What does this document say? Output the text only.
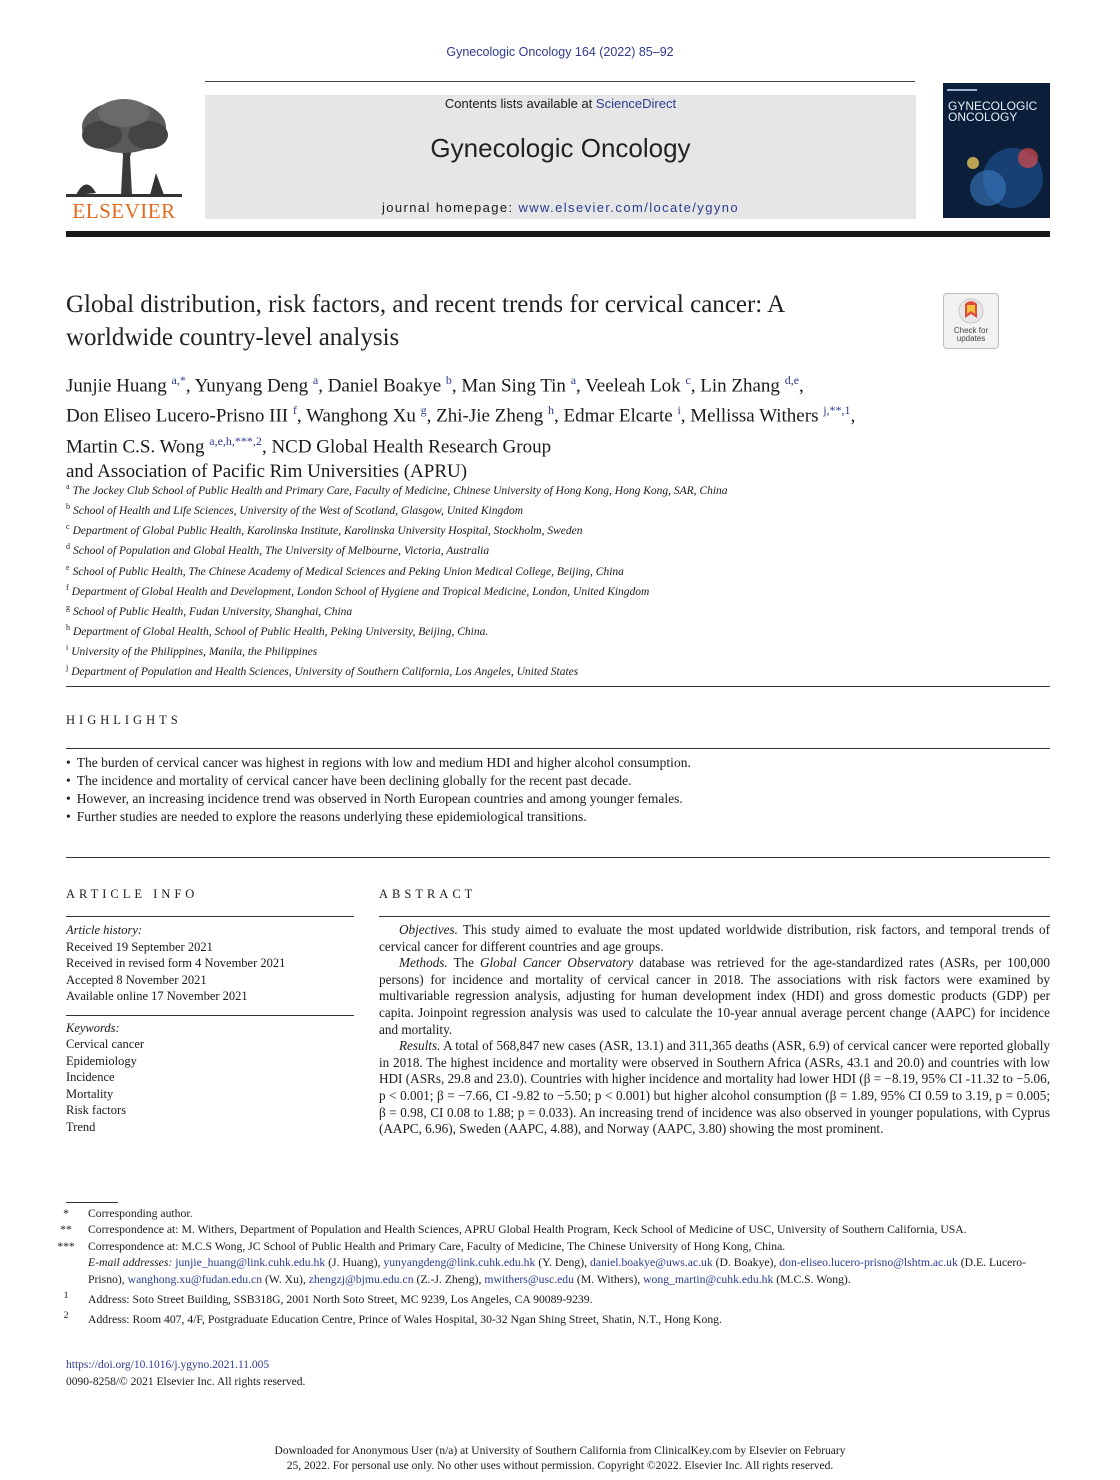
Gynecologic Oncology 164 (2022) 85–92
ELSEVIER
Contents lists available at ScienceDirect
Gynecologic Oncology
journal homepage: www.elsevier.com/locate/ygyno
GYNECOLOGIC
ONCOLOGY
Global distribution, risk factors, and recent trends for cervical cancer: A worldwide country-level analysis	Check for updates
Junjie Huang $^{a,*}$, Yunyang Deng $^a$, Daniel Boakye $^b$, Man Sing Tin $^a$, Veeleah Lok $^c$, Lin Zhang $^{d,e}$,
Don Eliseo Lucero-Prisno III $^f$, Wanghong Xu $^g$, Zhi-Jie Zheng $^h$, Edmar Elcarte $^i$, Mellissa Withers $^{j,**,1}$,
Martin C.S. Wong $^{a,e,h,***,2}$, NCD Global Health Research Group
and Association of Pacific Rim Universities (APRU)
$^a$ The Jockey Club School of Public Health and Primary Care, Faculty of Medicine, Chinese University of Hong Kong, Hong Kong, SAR, China
$^b$ School of Health and Life Sciences, University of the West of Scotland, Glasgow, United Kingdom
$^c$ Department of Global Public Health, Karolinska Institute, Karolinska University Hospital, Stockholm, Sweden
$^d$ School of Population and Global Health, The University of Melbourne, Victoria, Australia
$^e$ School of Public Health, The Chinese Academy of Medical Sciences and Peking Union Medical College, Beijing, China
$^f$ Department of Global Health and Development, London School of Hygiene and Tropical Medicine, London, United Kingdom
$^g$ School of Public Health, Fudan University, Shanghai, China
$^h$ Department of Global Health, School of Public Health, Peking University, Beijing, China.
$^i$ University of the Philippines, Manila, the Philippines
$^j$ Department of Population and Health Sciences, University of Southern California, Los Angeles, United States
HIGHLIGHTS
• The burden of cervical cancer was highest in regions with low and medium HDI and higher alcohol consumption.
• The incidence and mortality of cervical cancer have been declining globally for the recent past decade.
• However, an increasing incidence trend was observed in North European countries and among younger females.
• Further studies are needed to explore the reasons underlying these epidemiological transitions.
ARTICLE INFO
Article history:
Received 19 September 2021
Received in revised form 4 November 2021
Accepted 8 November 2021
Available online 17 November 2021
Keywords:
Cervical cancer
Epidemiology
Incidence
Mortality
Risk factors
Trend
ABSTRACT

Objectives. This study aimed to evaluate the most updated worldwide distribution, risk factors, and temporal trends of cervical cancer for different countries and age groups.

Methods. The Global Cancer Observatory database was retrieved for the age-standardized rates (ASRs, per 100,000 persons) for incidence and mortality of cervical cancer in 2018. The associations with risk factors were examined by multivariable regression analysis, adjusting for human development index (HDI) and gross domestic products (GDP) per capita. Joinpoint regression analysis was used to calculate the 10-year annual average percent change (AAPC) for incidence and mortality.

Results. A total of 568,847 new cases (ASR, 13.1) and 311,365 deaths (ASR, 6.9) of cervical cancer were reported globally in 2018. The highest incidence and mortality were observed in Southern Africa (ASRs, 43.1 and 20.0) and countries with low HDI (ASRs, 29.8 and 23.0). Countries with higher incidence and mortality had lower HDI (β = −8.19, 95% CI -11.32 to −5.06, p < 0.001; β = −7.66, CI -9.82 to −5.50; p < 0.001) but higher alcohol consumption (β = 1.89, 95% CI 0.59 to 3.19, p = 0.005; β = 0.98, CI 0.08 to 1.88; p = 0.033). An increasing trend of incidence was also observed in younger populations, with Cyprus (AAPC, 6.96), Sweden (AAPC, 4.88), and Norway (AAPC, 3.80) showing the most prominent.

* Corresponding author.
** Correspondence at: M. Withers, Department of Population and Health Sciences, APRU Global Health Program, Keck School of Medicine of USC, University of Southern California, USA.
*** Correspondence at: M.C.S Wong, JC School of Public Health and Primary Care, Faculty of Medicine, The Chinese University of Hong Kong, China.
E-mail addresses: junjie_huang@link.cuhk.edu.hk (J. Huang), yunyangdeng@link.cuhk.edu.hk (Y. Deng), daniel.boakye@uws.ac.uk (D. Boakye), don-eliseo.lucero-prisno@lshtm.ac.uk (D.E. Lucero-Prisno), wanghong.xu@fudan.edu.cn (W. Xu), zhengzj@bjmu.edu.cn (Z.-J. Zheng), mwithers@usc.edu (M. Withers), wong_martin@cuhk.edu.hk (M.C.S. Wong).
$^1$ Address: Soto Street Building, SSB318G, 2001 North Soto Street, MC 9239, Los Angeles, CA 90089-9239.
$^2$ Address: Room 407, 4/F, Postgraduate Education Centre, Prince of Wales Hospital, 30-32 Ngan Shing Street, Shatin, N.T., Hong Kong.
https://doi.org/10.1016/j.ygyno.2021.11.005
0090-8258/© 2021 Elsevier Inc. All rights reserved.
Downloaded for Anonymous User (n/a) at University of Southern California from ClinicalKey.com by Elsevier on February
25, 2022. For personal use only. No other uses without permission. Copyright ©2022. Elsevier Inc. All rights reserved.
